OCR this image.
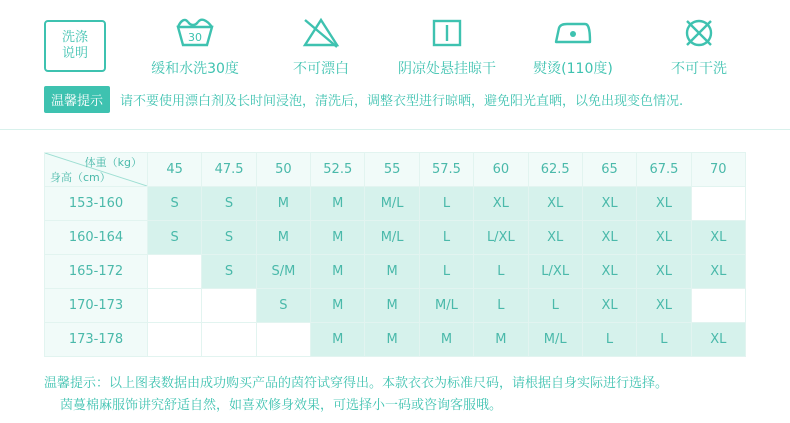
洗涤
说明
30
缓和水洗30度	不可漂白	阴凉处悬挂晾干	熨烫(110度)	不可干洗
温馨提示	请不要使用漂白剂及长时间浸泡，清洗后，调整衣型进行晾晒，避免阳光直晒，以免出现变色情况.
体重（kg）
身高（cm）	45	47.5	50	52.5	55	57.5	60	62.5	65	67.5	70
153-160	S	S	M	M	M/L	L	XL	XL	XL	XL	
160-164	S	S	M	M	M/L	L	L/XL	XL	XL	XL	XL
165-172		S	S/M	M	M	L	L	L/XL	XL	XL	XL
170-173			S	M	M	M/L	L	L	XL	XL	
173-178				M	M	M	M	M/L	L	L	XL
温馨提示：以上图表数据由成功购买产品的茵符试穿得出。本款衣衣为标准尺码，请根据自身实际进行选择。
茵蔓棉麻服饰讲究舒适自然，如喜欢修身效果，可选择小一码或咨询客服哦。
